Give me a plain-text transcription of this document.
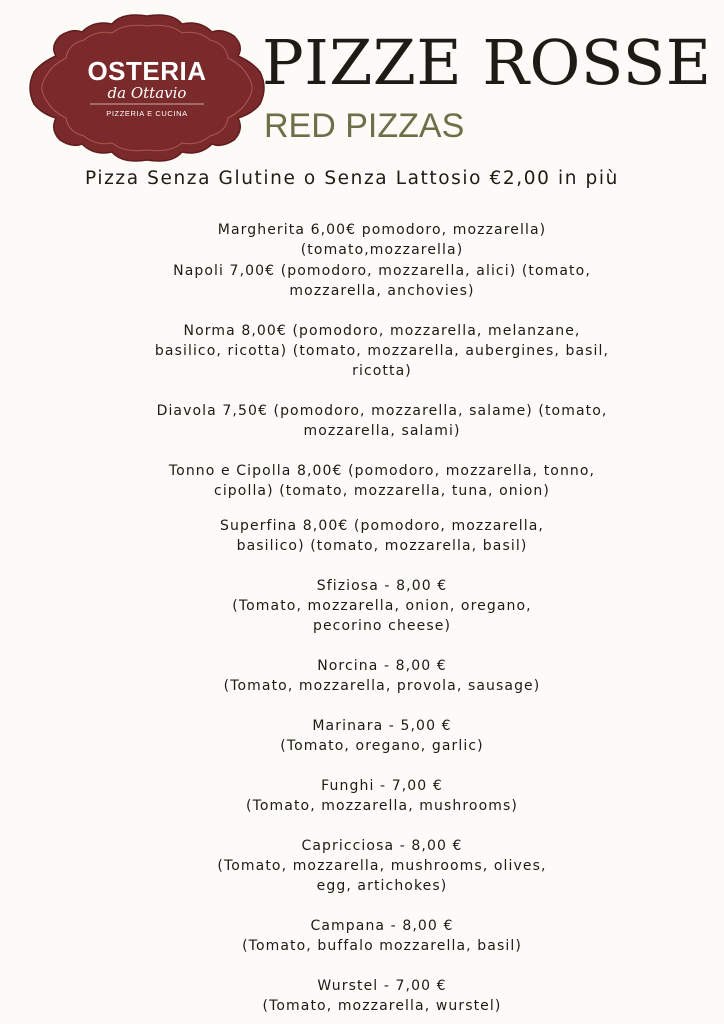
OSTERIA
da Ottavio
PIZZERIA E CUCINA
PIZZE ROSSE
RED PIZZAS
Pizza Senza Glutine o Senza Lattosio €2,00 in più
Margherita 6,00€ pomodoro, mozzarella)
(tomato,mozzarella)
Napoli 7,00€ (pomodoro, mozzarella, alici) (tomato,
mozzarella, anchovies)
Norma 8,00€ (pomodoro, mozzarella, melanzane,
basilico, ricotta) (tomato, mozzarella, aubergines, basil,
ricotta)
Diavola 7,50€ (pomodoro, mozzarella, salame) (tomato,
mozzarella, salami)
Tonno e Cipolla 8,00€ (pomodoro, mozzarella, tonno,
cipolla) (tomato, mozzarella, tuna, onion)
Superfina 8,00€ (pomodoro, mozzarella,
basilico) (tomato, mozzarella, basil)
Sfiziosa - 8,00 €
(Tomato, mozzarella, onion, oregano,
pecorino cheese)
Norcina - 8,00 €
(Tomato, mozzarella, provola, sausage)
Marinara - 5,00 €
(Tomato, oregano, garlic)
Funghi - 7,00 €
(Tomato, mozzarella, mushrooms)
Capricciosa - 8,00 €
(Tomato, mozzarella, mushrooms, olives,
egg, artichokes)
Campana - 8,00 €
(Tomato, buffalo mozzarella, basil)
Wurstel - 7,00 €
(Tomato, mozzarella, wurstel)
